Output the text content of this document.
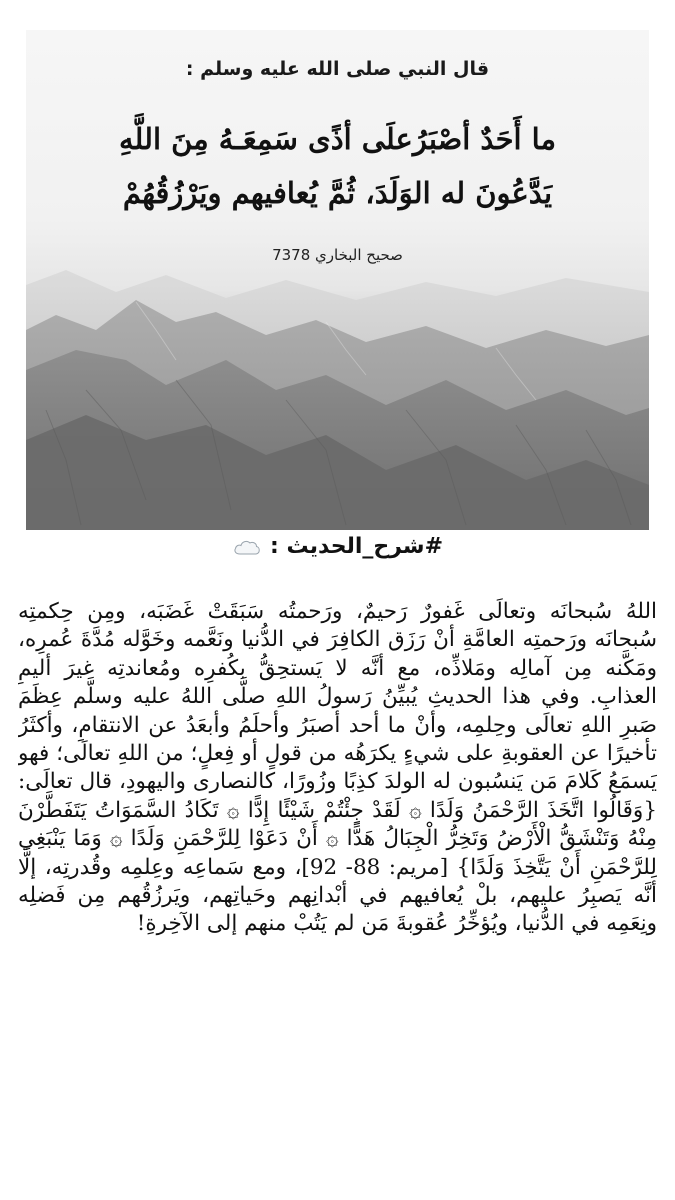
قال النبي صلى الله عليه وسلم :
ما أَحَدٌ أصْبَرُعلَى أذًى سَمِعَـهُ مِنَ اللَّهِ
يَدَّعُونَ له الوَلَدَ، ثُمَّ يُعافيهم ويَرْزُقُهُمْ
صحيح البخاري 7378
#شرح_الحديث :
اللهُ سُبحانَه وتعالَى غَفورٌ رَحيمٌ، ورَحمتُه سَبَقَتْ غَضَبَه، ومِن حِكمتِه سُبحانَه ورَحمتِه العامَّةِ أنْ رَزَق الكافِرَ في الدُّنيا ونَعَّمه وخَوَّله مُدَّةَ عُمرِه، ومَكَّنه مِن آمالِه ومَلاذِّه، مع أنَّه لا يَستحِقُّ بكُفرِه ومُعاندتِه غيرَ أليمِ العذابِ. وفي هذا الحديثِ يُبيِّنُ رَسولُ اللهِ صلَّى اللهُ عليه وسلَّم عِظَمَ صَبرِ اللهِ تعالَى وحِلمِه، وأنْ ما أحد أصبَرُ وأحلَمُ وأبعَدُ عن الانتقامِ، وأكثَرُ تأخيرًا عن العقوبةِ على شيءٍ يكرَهُه من قولٍ أو فِعلٍ؛ من اللهِ تعالَى؛ فهو يَسمَعُ كَلامَ مَن يَنسُبون له الولدَ كذِبًا وزُورًا، كالنصارى واليهودِ، قال تعالَى: {وَقَالُوا اتَّخَذَ الرَّحْمَنُ وَلَدًا ۞ لَقَدْ جِئْتُمْ شَيْئًا إِدًّا ۞ تَكَادُ السَّمَوَاتُ يَتَفَطَّرْنَ مِنْهُ وَتَنْشَقُّ الْأَرْضُ وَتَخِرُّ الْجِبَالُ هَدًّا ۞ أَنْ دَعَوْا لِلرَّحْمَنِ وَلَدًا ۞ وَمَا يَنْبَغِي لِلرَّحْمَنِ أَنْ يَتَّخِذَ وَلَدًا} [مريم: 88- 92]، ومع سَماعِه وعِلمِه وقُدرتِه، إلَّا أنَّه يَصبِرُ عليهم، بلْ يُعافيهم في أبْدانِهم وحَياتِهم، ويَرزُقُهم مِن فَضلِه ونِعَمِه في الدُّنيا، ويُؤخِّرُ عُقوبةَ مَن لم يَتُبْ منهم إلى الآخِرةِ!
